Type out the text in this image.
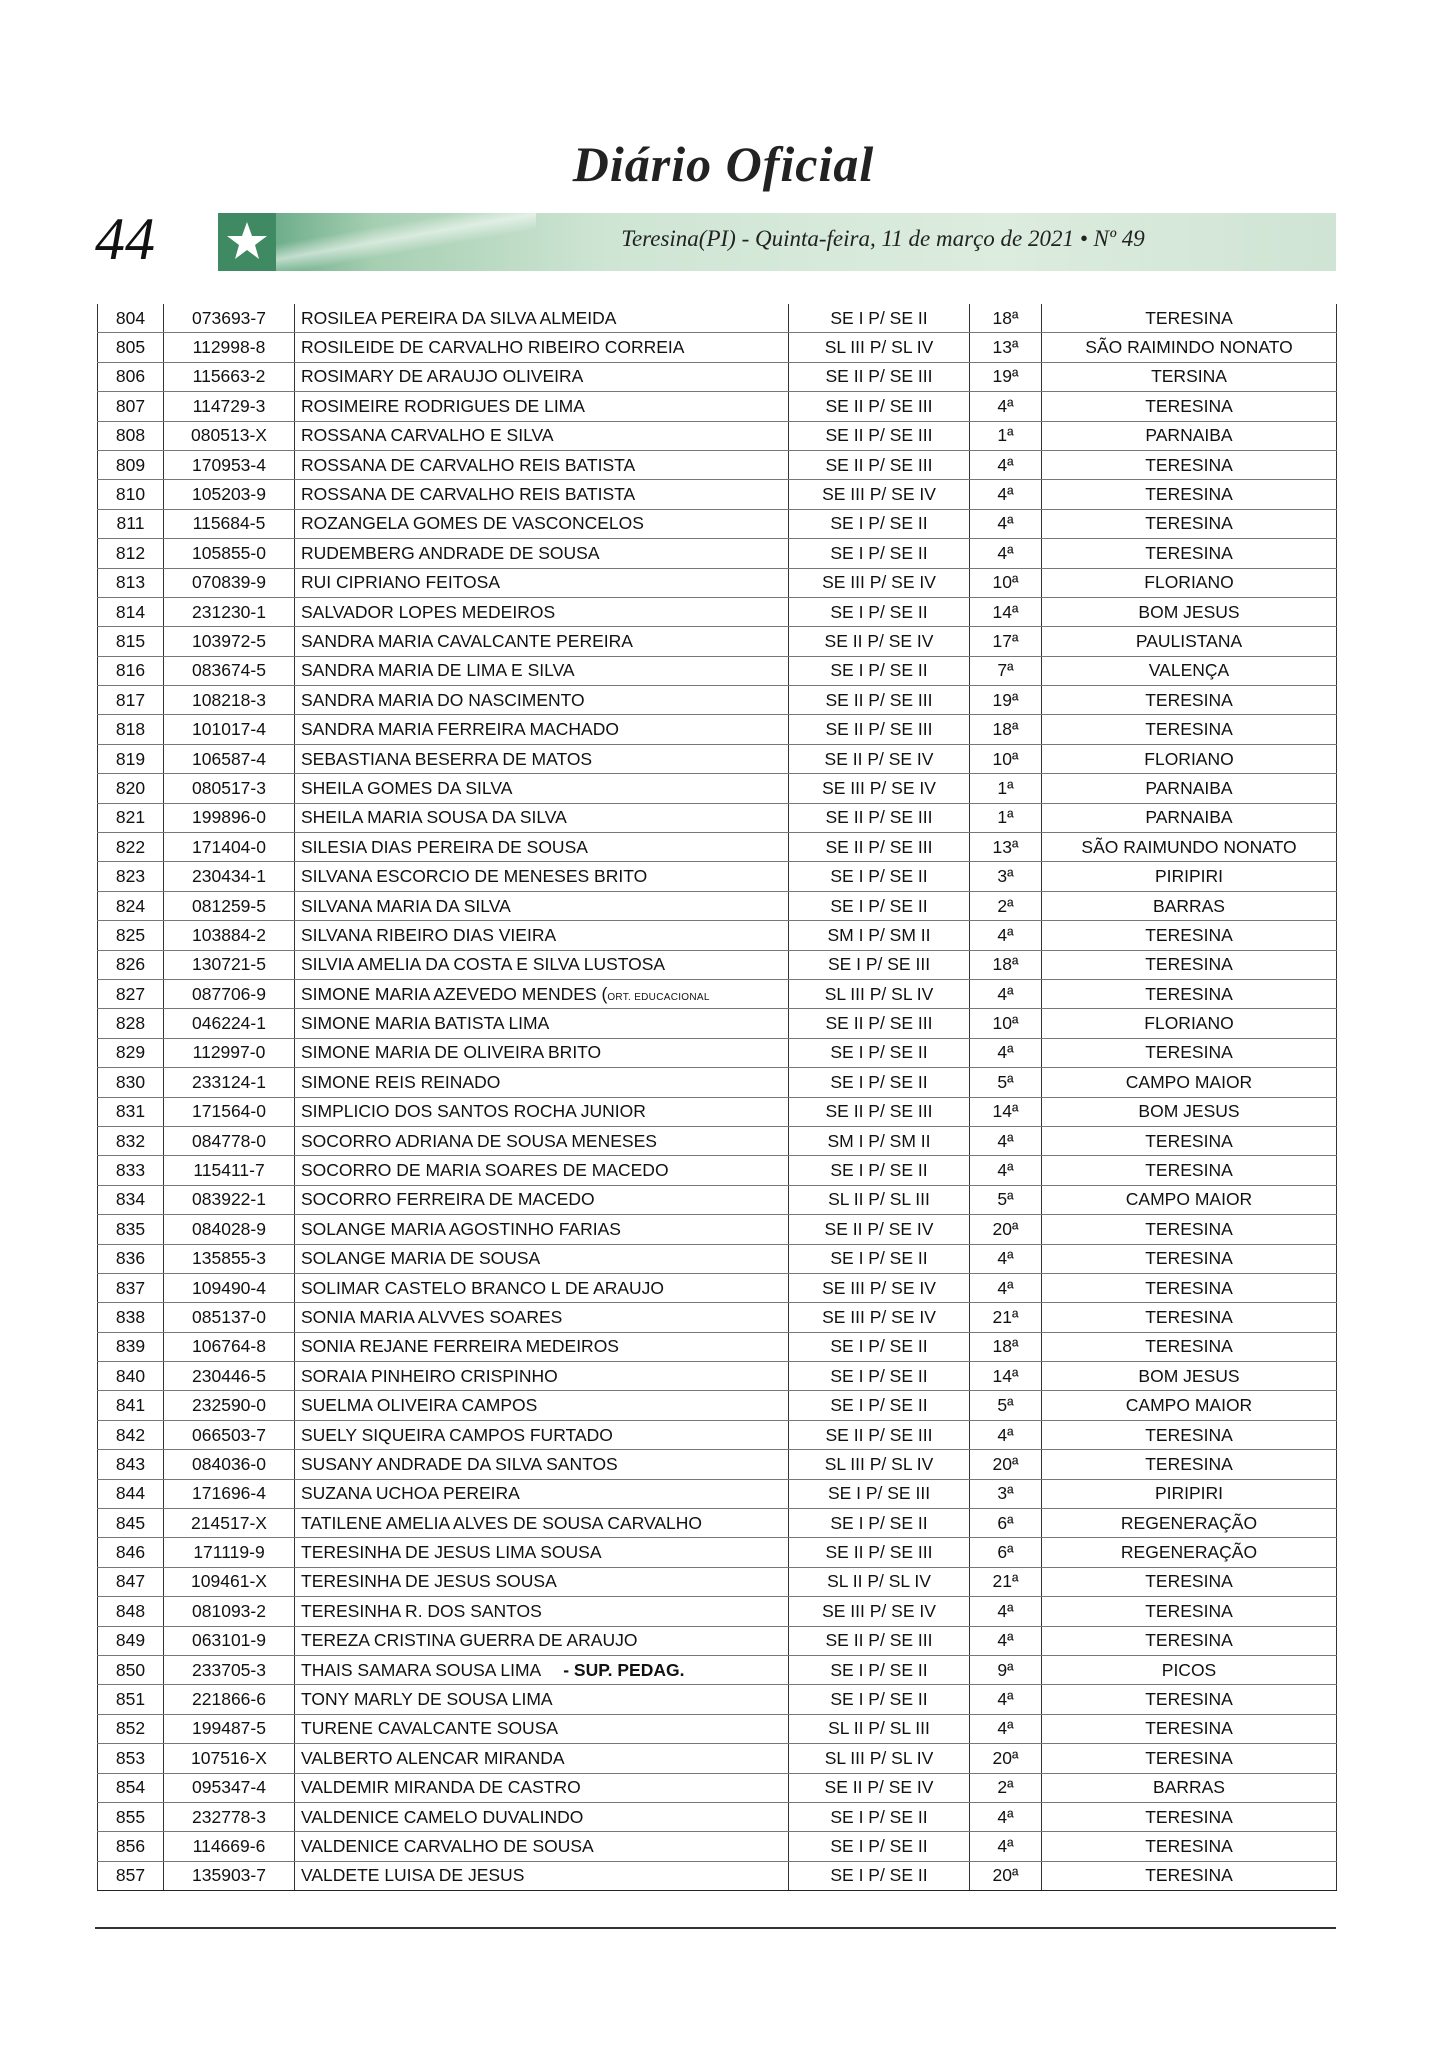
Diário Oficial
44	Teresina(PI) - Quinta-feira, 11 de março de 2021 • Nº 49
804	073693-7	ROSILEA PEREIRA DA SILVA ALMEIDA	SE I P/ SE II	18ª	TERESINA
805	112998-8	ROSILEIDE DE CARVALHO RIBEIRO CORREIA	SL III P/ SL IV	13ª	SÃO RAIMINDO NONATO
806	115663-2	ROSIMARY DE ARAUJO OLIVEIRA	SE II P/ SE III	19ª	TERSINA
807	114729-3	ROSIMEIRE RODRIGUES DE LIMA	SE II P/ SE III	4ª	TERESINA
808	080513-X	ROSSANA CARVALHO E SILVA	SE II P/ SE III	1ª	PARNAIBA
809	170953-4	ROSSANA DE CARVALHO REIS BATISTA	SE II P/ SE III	4ª	TERESINA
810	105203-9	ROSSANA DE CARVALHO REIS BATISTA	SE III P/ SE IV	4ª	TERESINA
811	115684-5	ROZANGELA GOMES DE VASCONCELOS	SE I P/ SE II	4ª	TERESINA
812	105855-0	RUDEMBERG ANDRADE DE SOUSA	SE I P/ SE II	4ª	TERESINA
813	070839-9	RUI CIPRIANO FEITOSA	SE III P/ SE IV	10ª	FLORIANO
814	231230-1	SALVADOR LOPES MEDEIROS	SE I P/ SE II	14ª	BOM JESUS
815	103972-5	SANDRA MARIA CAVALCANTE PEREIRA	SE II P/ SE IV	17ª	PAULISTANA
816	083674-5	SANDRA MARIA DE LIMA E SILVA	SE I P/ SE II	7ª	VALENÇA
817	108218-3	SANDRA MARIA DO NASCIMENTO	SE II P/ SE III	19ª	TERESINA
818	101017-4	SANDRA MARIA FERREIRA MACHADO	SE II P/ SE III	18ª	TERESINA
819	106587-4	SEBASTIANA BESERRA DE MATOS	SE II P/ SE IV	10ª	FLORIANO
820	080517-3	SHEILA GOMES DA SILVA	SE III P/ SE IV	1ª	PARNAIBA
821	199896-0	SHEILA MARIA SOUSA DA SILVA	SE II P/ SE III	1ª	PARNAIBA
822	171404-0	SILESIA DIAS PEREIRA DE SOUSA	SE II P/ SE III	13ª	SÃO RAIMUNDO NONATO
823	230434-1	SILVANA ESCORCIO DE MENESES BRITO	SE I P/ SE II	3ª	PIRIPIRI
824	081259-5	SILVANA MARIA DA SILVA	SE I P/ SE II	2ª	BARRAS
825	103884-2	SILVANA RIBEIRO DIAS VIEIRA	SM I P/ SM II	4ª	TERESINA
826	130721-5	SILVIA AMELIA DA COSTA E SILVA LUSTOSA	SE I P/ SE III	18ª	TERESINA
827	087706-9	SIMONE MARIA AZEVEDO MENDES (ORT. EDUCACIONAL	SL III P/ SL IV	4ª	TERESINA
828	046224-1	SIMONE MARIA BATISTA LIMA	SE II P/ SE III	10ª	FLORIANO
829	112997-0	SIMONE MARIA DE OLIVEIRA BRITO	SE I P/ SE II	4ª	TERESINA
830	233124-1	SIMONE REIS REINADO	SE I P/ SE II	5ª	CAMPO MAIOR
831	171564-0	SIMPLICIO DOS SANTOS ROCHA JUNIOR	SE II P/ SE III	14ª	BOM JESUS
832	084778-0	SOCORRO ADRIANA DE SOUSA MENESES	SM I P/ SM II	4ª	TERESINA
833	115411-7	SOCORRO DE MARIA SOARES DE MACEDO	SE I P/ SE II	4ª	TERESINA
834	083922-1	SOCORRO FERREIRA DE MACEDO	SL II P/ SL III	5ª	CAMPO MAIOR
835	084028-9	SOLANGE MARIA AGOSTINHO FARIAS	SE II P/ SE IV	20ª	TERESINA
836	135855-3	SOLANGE MARIA DE SOUSA	SE I P/ SE II	4ª	TERESINA
837	109490-4	SOLIMAR CASTELO BRANCO L DE ARAUJO	SE III P/ SE IV	4ª	TERESINA
838	085137-0	SONIA MARIA ALVVES SOARES	SE III P/ SE IV	21ª	TERESINA
839	106764-8	SONIA REJANE FERREIRA MEDEIROS	SE I P/ SE II	18ª	TERESINA
840	230446-5	SORAIA PINHEIRO CRISPINHO	SE I P/ SE II	14ª	BOM JESUS
841	232590-0	SUELMA OLIVEIRA CAMPOS	SE I P/ SE II	5ª	CAMPO MAIOR
842	066503-7	SUELY SIQUEIRA CAMPOS FURTADO	SE II P/ SE III	4ª	TERESINA
843	084036-0	SUSANY ANDRADE DA SILVA SANTOS	SL III P/ SL IV	20ª	TERESINA
844	171696-4	SUZANA UCHOA PEREIRA	SE I P/ SE III	3ª	PIRIPIRI
845	214517-X	TATILENE AMELIA ALVES DE SOUSA CARVALHO	SE I P/ SE II	6ª	REGENERAÇÃO
846	171119-9	TERESINHA DE JESUS LIMA SOUSA	SE II P/ SE III	6ª	REGENERAÇÃO
847	109461-X	TERESINHA DE JESUS SOUSA	SL II P/ SL IV	21ª	TERESINA
848	081093-2	TERESINHA R. DOS SANTOS	SE III P/ SE IV	4ª	TERESINA
849	063101-9	TEREZA CRISTINA GUERRA DE ARAUJO	SE II P/ SE III	4ª	TERESINA
850	233705-3	THAIS SAMARA SOUSA LIMA - SUP. PEDAG.	SE I P/ SE II	9ª	PICOS
851	221866-6	TONY MARLY DE SOUSA LIMA	SE I P/ SE II	4ª	TERESINA
852	199487-5	TURENE CAVALCANTE SOUSA	SL II P/ SL III	4ª	TERESINA
853	107516-X	VALBERTO ALENCAR MIRANDA	SL III P/ SL IV	20ª	TERESINA
854	095347-4	VALDEMIR MIRANDA DE CASTRO	SE II P/ SE IV	2ª	BARRAS
855	232778-3	VALDENICE CAMELO DUVALINDO	SE I P/ SE II	4ª	TERESINA
856	114669-6	VALDENICE CARVALHO DE SOUSA	SE I P/ SE II	4ª	TERESINA
857	135903-7	VALDETE LUISA DE JESUS	SE I P/ SE II	20ª	TERESINA
